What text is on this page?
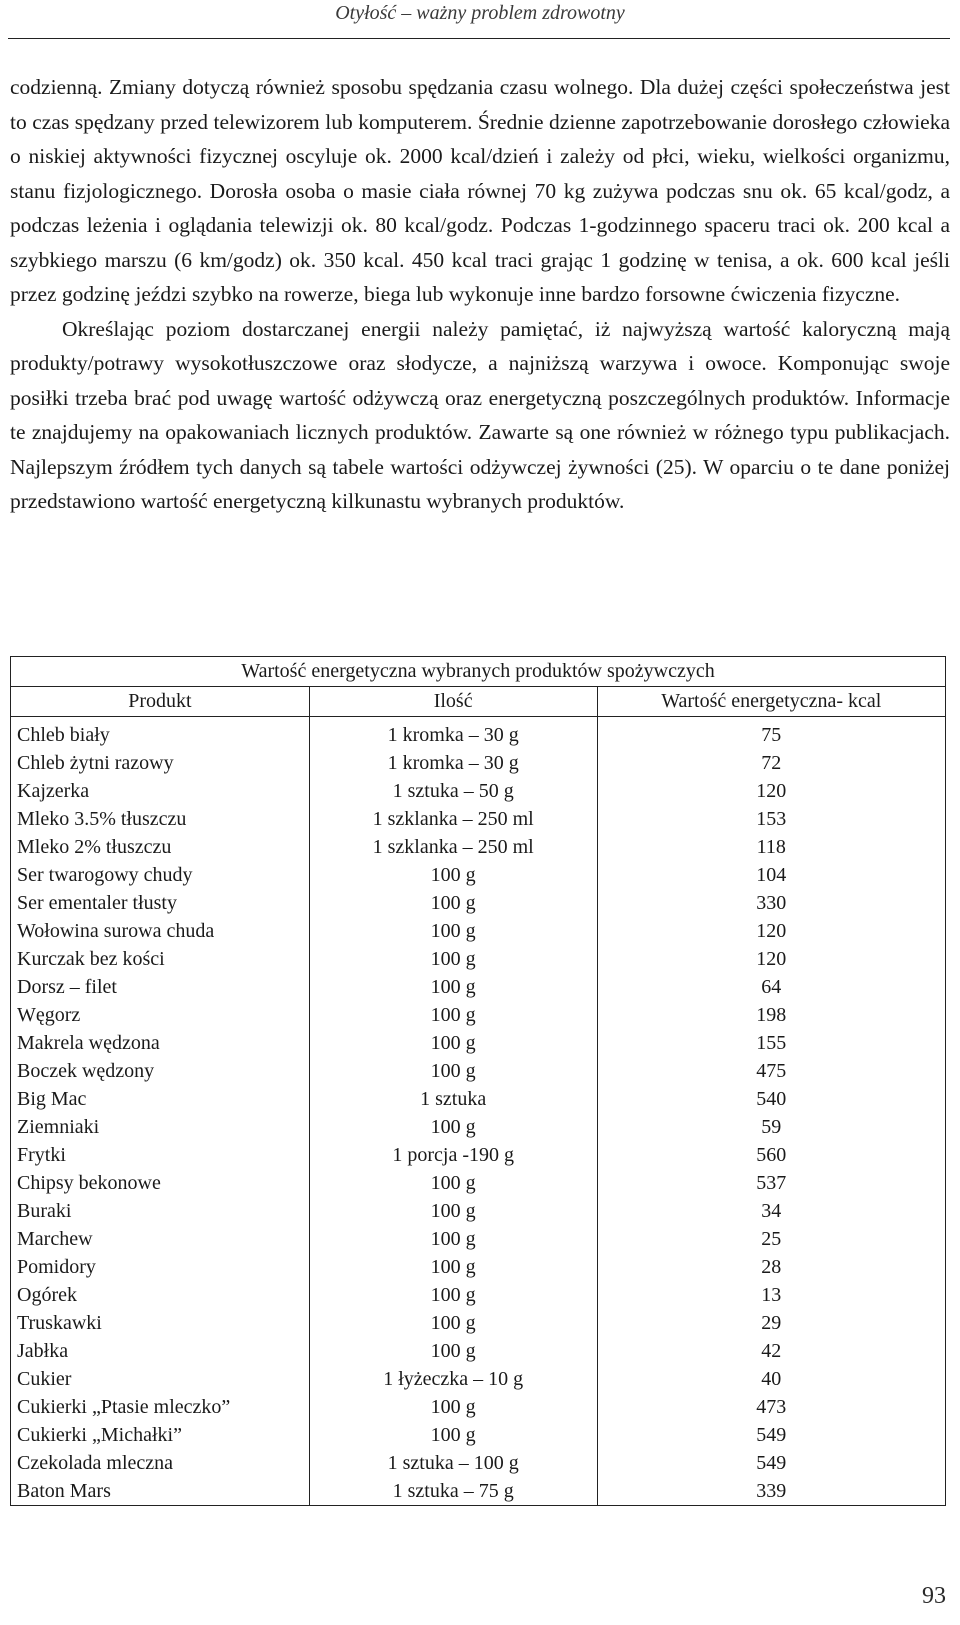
Otyłość – ważny problem zdrowotny

codzienną. Zmiany dotyczą również sposobu spędzania czasu wolnego. Dla dużej części społeczeństwa jest to czas spędzany przed telewizorem lub komputerem. Średnie dzienne zapotrzebowanie dorosłego człowieka o niskiej aktywności fizycznej oscyluje ok. 2000 kcal/dzień i zależy od płci, wieku, wielkości organizmu, stanu fizjologicznego. Dorosła osoba o masie ciała równej 70 kg zużywa podczas snu ok. 65 kcal/godz, a podczas leżenia i oglądania telewizji ok. 80 kcal/godz. Podczas 1-godzinnego spaceru traci ok. 200 kcal a szybkiego marszu (6 km/godz) ok. 350 kcal. 450 kcal traci grając 1 godzinę w tenisa, a ok. 600 kcal jeśli przez godzinę jeździ szybko na rowerze, biega lub wykonuje inne bardzo forsowne ćwiczenia fizyczne.

Określając poziom dostarczanej energii należy pamiętać, iż najwyższą wartość kaloryczną mają produkty/potrawy wysokotłuszczowe oraz słodycze, a najniższą warzywa i owoce. Komponując swoje posiłki trzeba brać pod uwagę wartość odżywczą oraz energetyczną poszczególnych produktów. Informacje te znajdujemy na opakowaniach licznych produktów. Zawarte są one również w różnego typu publikacjach. Najlepszym źródłem tych danych są tabele wartości odżywczej żywności (25). W oparciu o te dane poniżej przedstawiono wartość energetyczną kilkunastu wybranych produktów.

Wartość energetyczna wybranych produktów spożywczych		
Produkt	Ilość	Wartość energetyczna- kcal
Chleb biały	1 kromka – 30 g	75
Chleb żytni razowy	1 kromka – 30 g	72
Kajzerka	1 sztuka – 50 g	120
Mleko 3.5% tłuszczu	1 szklanka – 250 ml	153
Mleko 2% tłuszczu	1 szklanka – 250 ml	118
Ser twarogowy chudy	100 g	104
Ser ementaler tłusty	100 g	330
Wołowina surowa chuda	100 g	120
Kurczak bez kości	100 g	120
Dorsz – filet	100 g	64
Węgorz	100 g	198
Makrela wędzona	100 g	155
Boczek wędzony	100 g	475
Big Mac	1 sztuka	540
Ziemniaki	100 g	59
Frytki	1 porcja -190 g	560
Chipsy bekonowe	100 g	537
Buraki	100 g	34
Marchew	100 g	25
Pomidory	100 g	28
Ogórek	100 g	13
Truskawki	100 g	29
Jabłka	100 g	42
Cukier	1 łyżeczka – 10 g	40
Cukierki „Ptasie mleczko”	100 g	473
Cukierki „Michałki”	100 g	549
Czekolada mleczna	1 sztuka – 100 g	549
Baton Mars	1 sztuka – 75 g	339
93
